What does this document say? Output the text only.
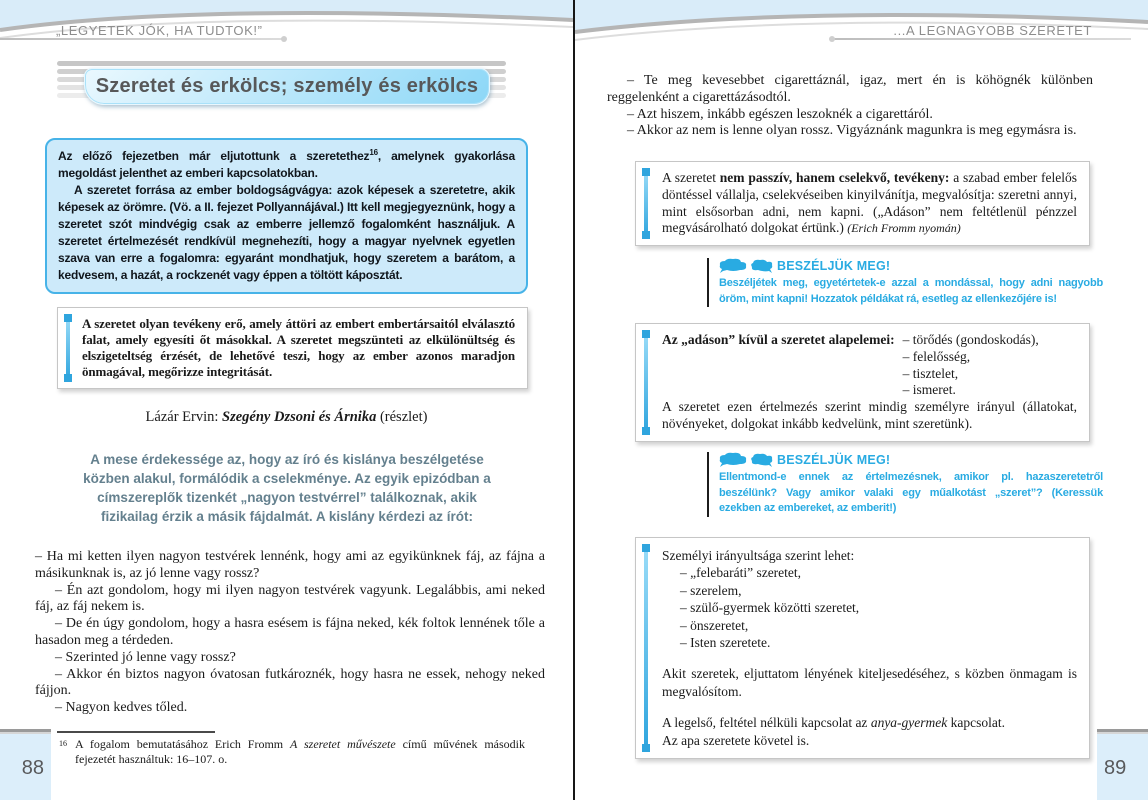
„LEGYETEK JÓK, HA TUDTOK!”
Szeretet és erkölcs; személy és erkölcs

Az előző fejezetben már eljutottunk a szeretethez$^{16}$, amelynek gyakorlása megoldást jelenthet az emberi kapcsolatokban.

A szeretet forrása az ember boldogságvágya: azok képesek a szeretetre, akik képesek az örömre. (Vö. a II. fejezet Pollyannájával.) Itt kell megjegyeznünk, hogy a szeretet szót mindvégig csak az emberre jellemző fogalomként használjuk. A szeretet értelmezését rendkívül megnehezíti, hogy a magyar nyelvnek egyetlen szava van erre a fogalomra: egyaránt mondhatjuk, hogy szeretem a barátom, a kedvesem, a hazát, a rockzenét vagy éppen a töltött káposztát.

A szeretet olyan tevékeny erő, amely áttöri az embert embertársaitól elválasztó falat, amely egyesíti őt másokkal. A szeretet megszünteti az elkülönültség és elszigeteltség érzését, de lehetővé teszi, hogy az ember azonos maradjon önmagával, megőrizze integritását.
Lázár Ervin: Szegény Dzsoni és Árnika (részlet)
A mese érdekessége az, hogy az író és kislánya beszélgetése közben alakul, formálódik a cselekménye. Az egyik epizódban a címszereplők tizenkét „nagyon testvérrel” találkoznak, akik fizikailag érzik a másik fájdalmát. A kislány kérdezi az írót:

– Ha mi ketten ilyen nagyon testvérek lennénk, hogy ami az egyikünknek fáj, az fájna a másikunknak is, az jó lenne vagy rossz?

– Én azt gondolom, hogy mi ilyen nagyon testvérek vagyunk. Legalábbis, ami neked fáj, az fáj nekem is.

– De én úgy gondolom, hogy a hasra esésem is fájna neked, kék foltok lennének tőle a hasadon meg a térdeden.

– Szerinted jó lenne vagy rossz?

– Akkor én biztos nagyon óvatosan futkároznék, hogy hasra ne essek, nehogy neked fájjon.

– Nagyon kedves tőled.

16 A fogalom bemutatásához Erich Fromm A szeretet művészete című művének második fejezetét használtuk: 16–107. o.
88
...A LEGNAGYOBB SZERETET

– Te meg kevesebbet cigarettáznál, igaz, mert én is köhögnék különben reggelenként a cigarettázásodtól.

– Azt hiszem, inkább egészen leszoknék a cigarettáról.

– Akkor az nem is lenne olyan rossz. Vigyáznánk magunkra is meg egymásra is.

A szeretet nem passzív, hanem cselekvő, tevékeny: a szabad ember felelős döntéssel vállalja, cselekvéseiben kinyilvánítja, megvalósítja: szeretni annyi, mint elsősorban adni, nem kapni. („Adáson” nem feltétlenül pénzzel megvásárolható dolgokat értünk.) (Erich Fromm nyomán)
BESZÉLJÜK MEG!
Beszéljétek meg, egyetértetek-e azzal a mondással, hogy adni nagyobb öröm, mint kapni! Hozzatok példákat rá, esetleg az ellenkezőjére is!
Az „adáson” kívül a szeretet alapelemei: – törődés (gondoskodás),
– felelősség,
– tisztelet,
– ismeret.
A szeretet ezen értelmezés szerint mindig személyre irányul (állatokat, növényeket, dolgokat inkább kedvelünk, mint szeretünk).
BESZÉLJÜK MEG!
Ellentmond-e ennek az értelmezésnek, amikor pl. hazaszeretetről beszélünk? Vagy amikor valaki egy műalkotást „szeret”? (Keressük ezekben az embereket, az emberit!)

Személyi irányultsága szerint lehet:

– „felebaráti” szeretet,
– szerelem,
– szülő-gyermek közötti szeretet,
– önszeretet,
– Isten szeretete.

Akit szeretek, eljuttatom lényének kiteljesedéséhez, s közben önmagam is megvalósítom.

A legelső, feltétel nélküli kapcsolat az anya-gyermek kapcsolat.

Az apa szeretete követel is.

89
